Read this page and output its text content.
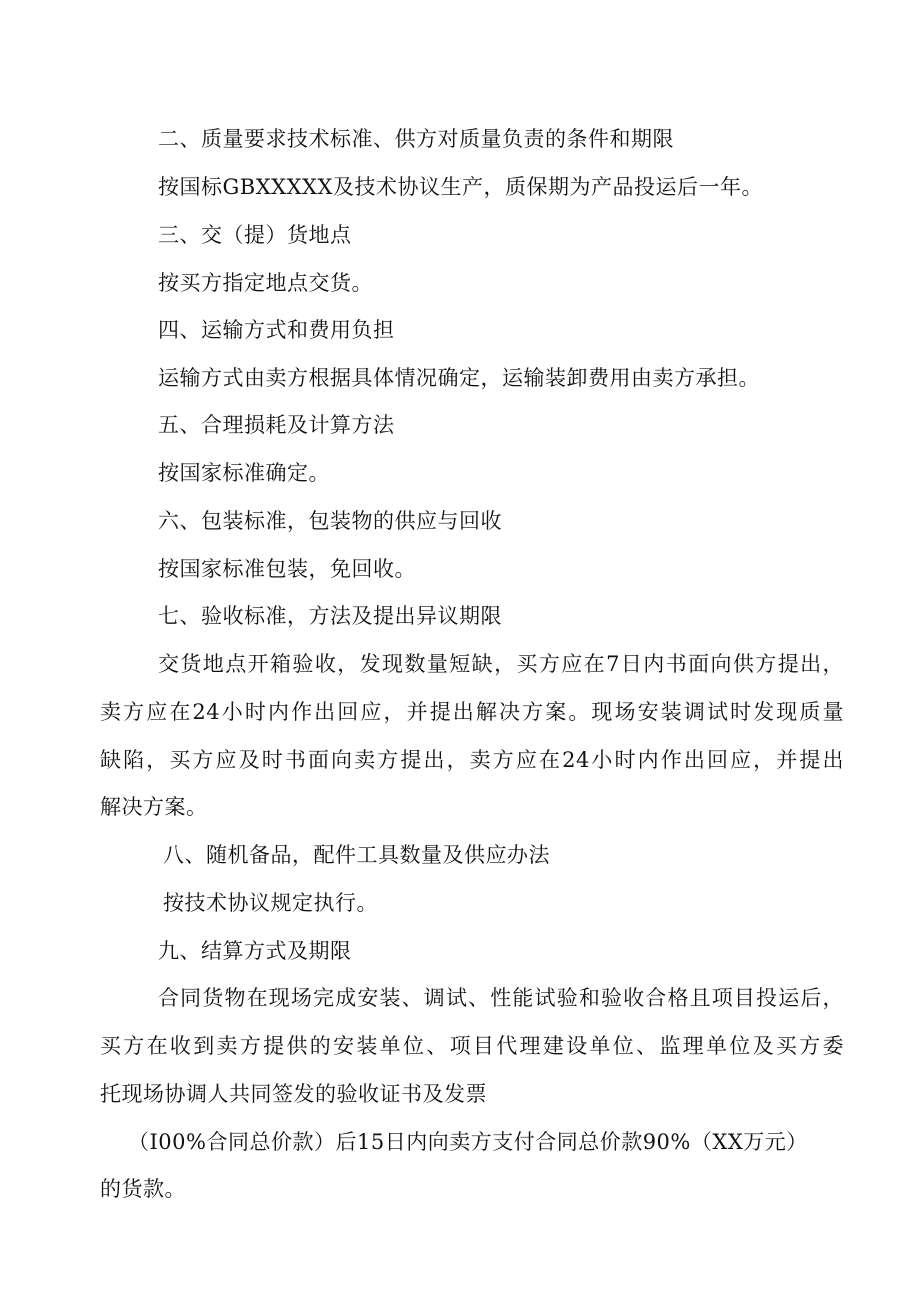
二、质量要求技术标准、供方对质量负责的条件和期限
按国标GBXXXXX及技术协议生产，质保期为产品投运后一年。
三、交（提）货地点
按买方指定地点交货。
四、运输方式和费用负担
运输方式由卖方根据具体情况确定，运输装卸费用由卖方承担。
五、合理损耗及计算方法
按国家标准确定。
六、包装标准，包装物的供应与回收
按国家标准包装，免回收。
七、验收标准，方法及提出异议期限
交货地点开箱验收，发现数量短缺，买方应在7日内书面向供方提出，
卖方应在24小时内作出回应，并提出解决方案。现场安装调试时发现质量
缺陷，买方应及时书面向卖方提出，卖方应在24小时内作出回应，并提出
解决方案。
八、随机备品，配件工具数量及供应办法
按技术协议规定执行。
九、结算方式及期限
合同货物在现场完成安装、调试、性能试验和验收合格且项目投运后，
买方在收到卖方提供的安装单位、项目代理建设单位、监理单位及买方委
托现场协调人共同签发的验收证书及发票
（I00%合同总价款）后15日内向卖方支付合同总价款90%（XX万元）
的货款。
